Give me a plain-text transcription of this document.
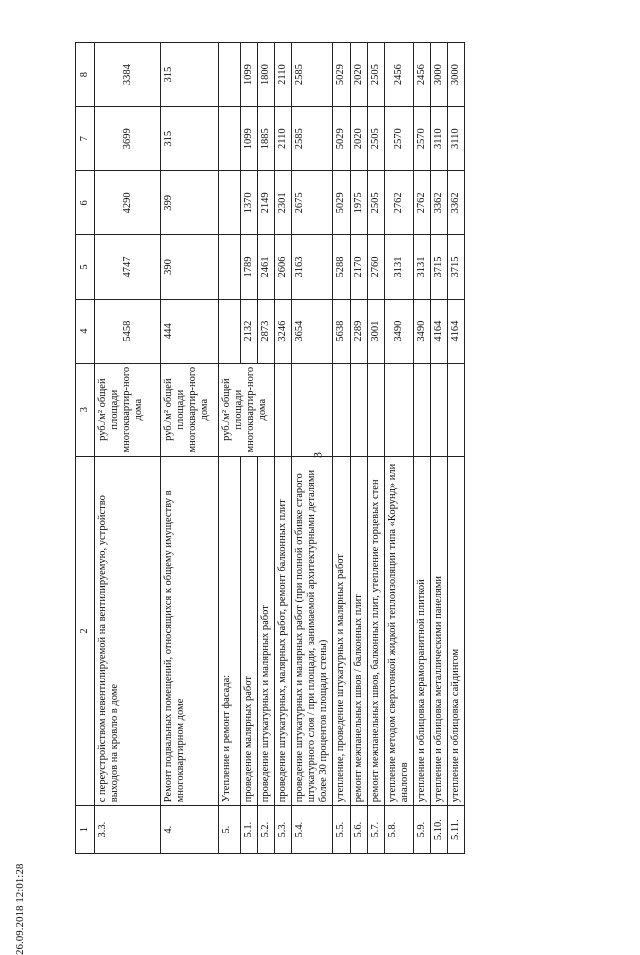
3
1	2	3	4	5	6	7	8
3.3.	с переустройством невентилируемой на вентилируемую, устройство выходов на кровлю в доме	руб./м² общей площади многоквартир-ного дома	5458	4747	4290	3699	3384
4.	Ремонт подвальных помещений, относящихся к общему имуществу в многоквартирном доме	руб./м² общей площади многоквартир-ного дома	444	390	399	315	315
5.	Утепление и ремонт фасада:	руб./м² общей площади многоквартир-ного дома					
5.1.	проведение малярных работ		2132	1789	1370	1099	1099
5.2.	проведение штукатурных и малярных работ		2873	2461	2149	1885	1800
5.3.	проведение штукатурных, малярных работ, ремонт балконных плит		3246	2606	2301	2110	2110
5.4.	проведение штукатурных и малярных работ (при полной отбивке старого штукатурного слоя / при площади, занимаемой архитектурными деталями более 30 процентов площади стены)		3654	3163	2675	2585	2585
5.5.	утепление, проведение штукатурных и малярных работ		5638	5288	5029	5029	5029
5.6.	ремонт межпанельных швов / балконных плит		2289	2170	1975	2020	2020
5.7.	ремонт межпанельных швов, балконных плит, утепление торцевых стен		3001	2760	2505	2505	2505
5.8.	утепление методом сверхтонкой жидкой теплоизоляции типа «Корунд» или аналогов		3490	3131	2762	2570	2456
5.9.	утепление и облицовка керамогранитной плиткой		3490	3131	2762	2570	2456
5.10.	утепление и облицовка металлическими панелями		4164	3715	3362	3110	3000
5.11.	утепление и облицовка сайдингом		4164	3715	3362	3110	3000
26.09.2018 12:01:28
